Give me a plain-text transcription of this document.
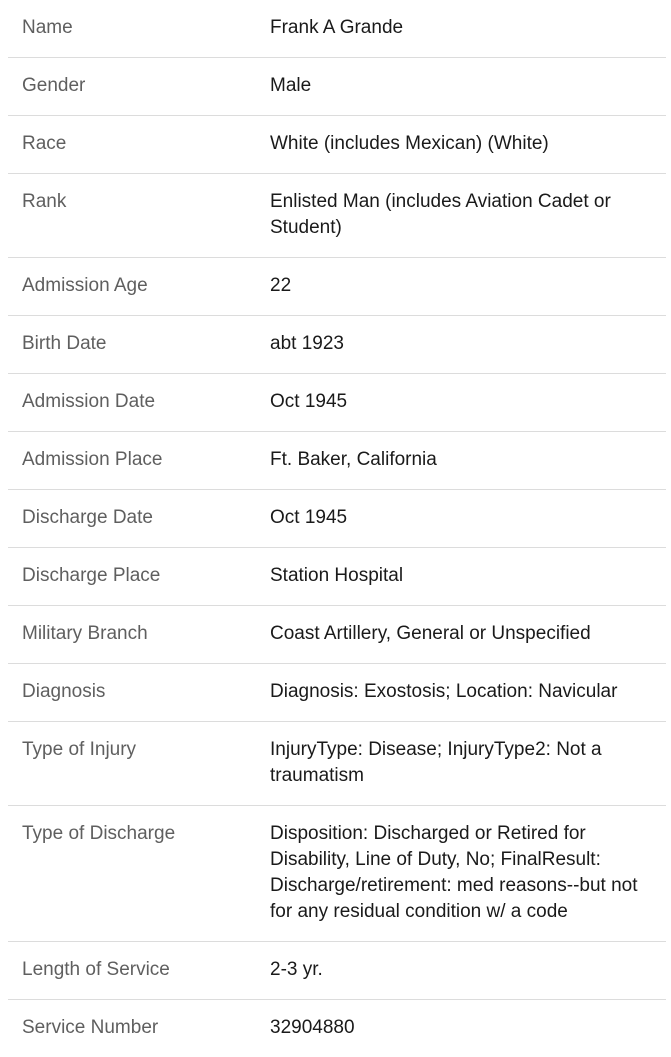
Name	Frank A Grande
Gender	Male
Race	White (includes Mexican) (White)
Rank	Enlisted Man (includes Aviation Cadet or Student)
Admission Age	22
Birth Date	abt 1923
Admission Date	Oct 1945
Admission Place	Ft. Baker, California
Discharge Date	Oct 1945
Discharge Place	Station Hospital
Military Branch	Coast Artillery, General or Unspecified
Diagnosis	Diagnosis: Exostosis; Location: Navicular
Type of Injury	InjuryType: Disease; InjuryType2: Not a traumatism
Type of Discharge	Disposition: Discharged or Retired for Disability, Line of Duty, No; FinalResult: Discharge/retirement: med reasons--but not for any residual condition w/ a code
Length of Service	2-3 yr.
Service Number	32904880
